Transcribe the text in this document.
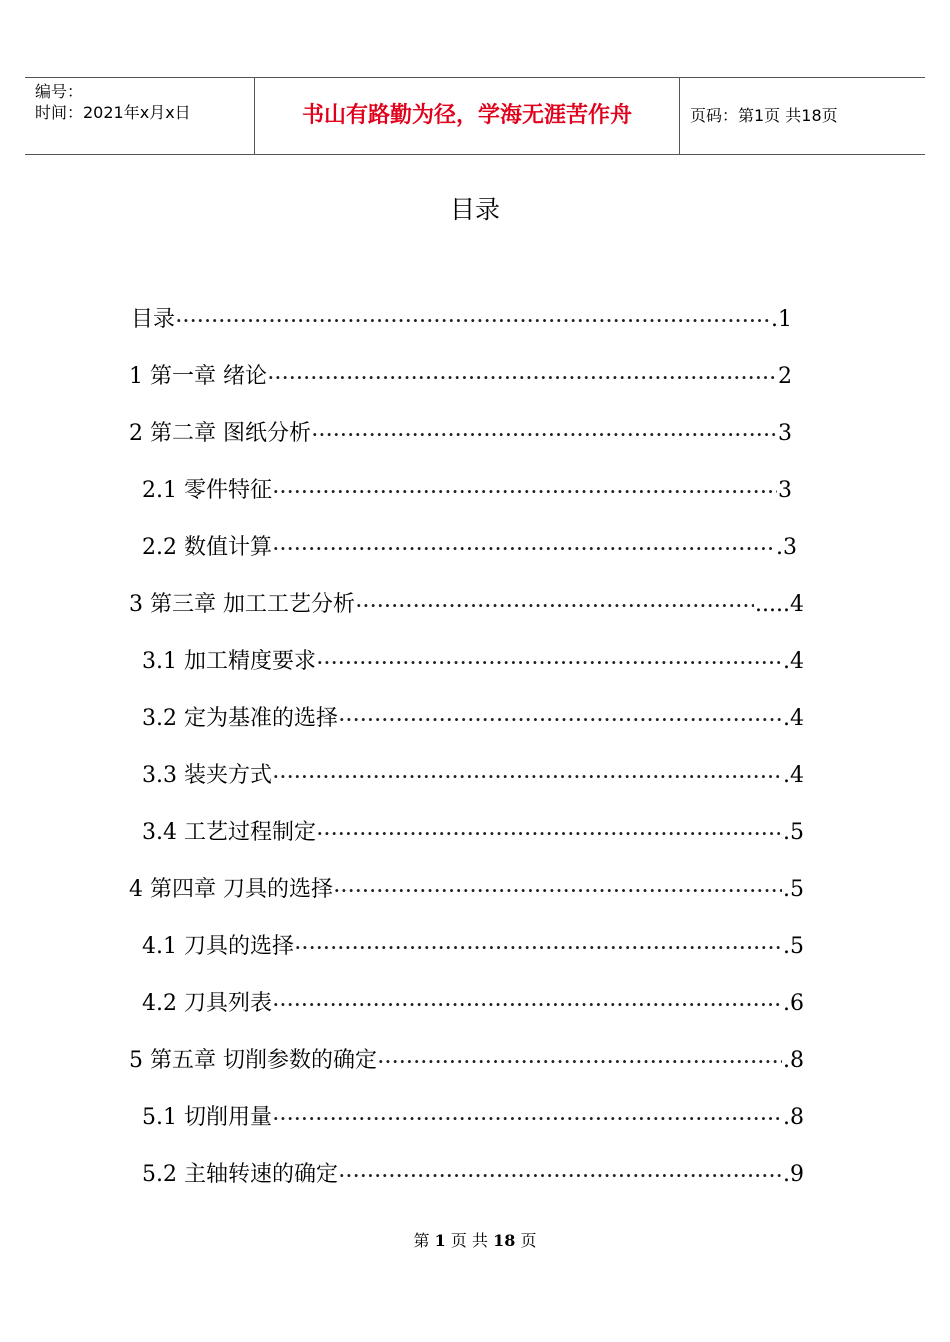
编号：
时间：2021年x月x日	书山有路勤为径，学海无涯苦作舟	页码：第1页 共18页
目录
目录 ·····	.1
1 第一章 绪论 ·····	2
2 第二章 图纸分析 ·····	3
2.1 零件特征 ·····	3
2.2 数值计算 ·····	.3
3 第三章 加工工艺分析 ·····	.....4
3.1 加工精度要求 ·····	.4
3.2 定为基准的选择 ·····	.4
3.3 装夹方式 ·····	.4
3.4 工艺过程制定 ·····	.5
4 第四章 刀具的选择 ·····	.5
4.1 刀具的选择 ·····	.5
4.2 刀具列表 ·····	.6
5 第五章 切削参数的确定 ·····	.8
5.1 切削用量 ·····	.8
5.2 主轴转速的确定 ·····	.9
第 1 页 共 18 页
